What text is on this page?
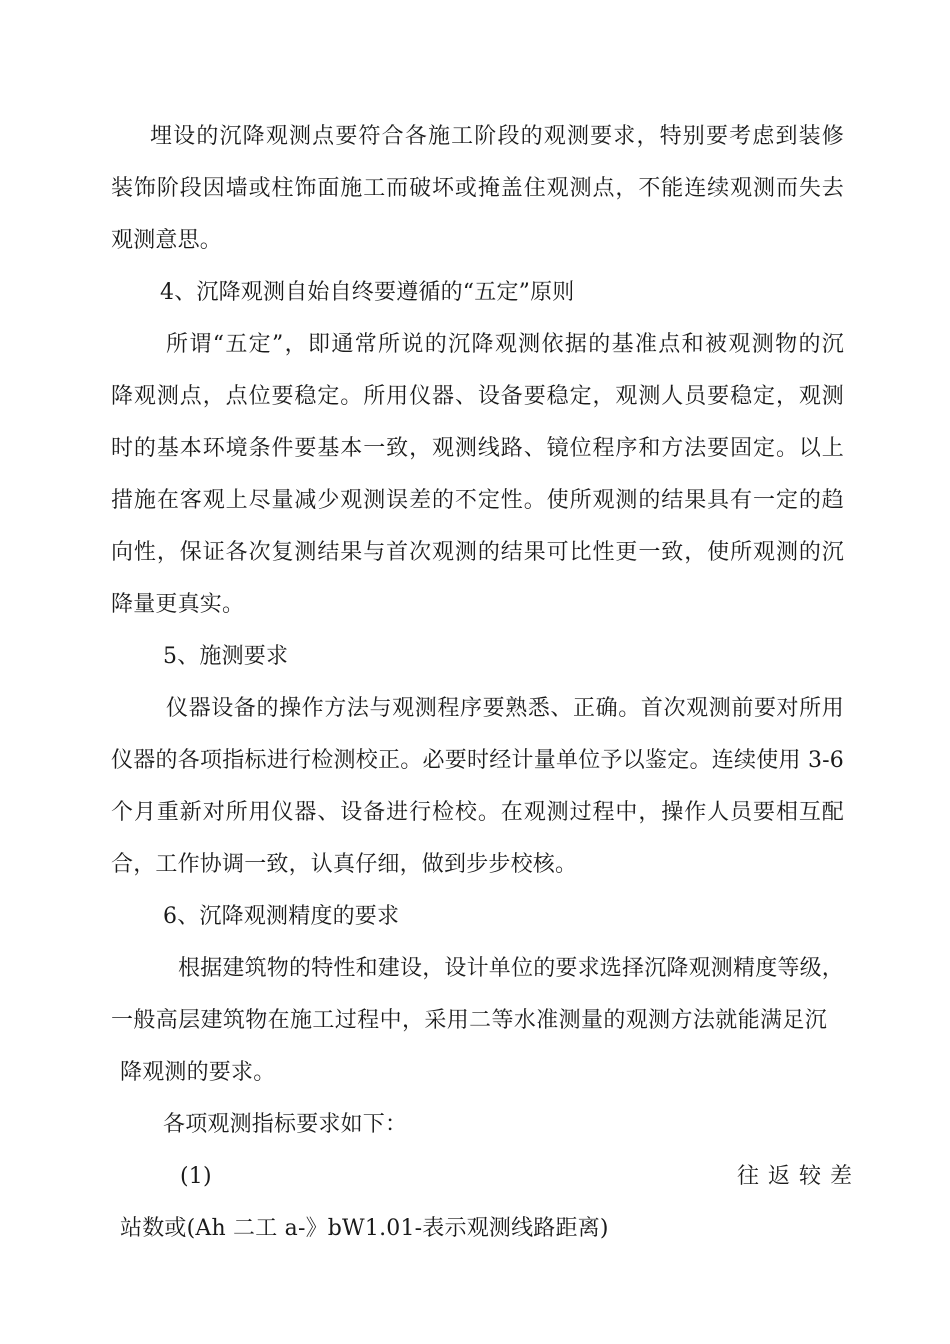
埋设的沉降观测点要符合各施工阶段的观测要求，特别要考虑到装修
装饰阶段因墙或柱饰面施工而破坏或掩盖住观测点，不能连续观测而失去
观测意思。
4、沉降观测自始自终要遵循的“五定”原则
所谓“五定”，即通常所说的沉降观测依据的基准点和被观测物的沉
降观测点，点位要稳定。所用仪器、设备要稳定，观测人员要稳定，观测
时的基本环境条件要基本一致，观测线路、镜位程序和方法要固定。以上
措施在客观上尽量减少观测误差的不定性。使所观测的结果具有一定的趋
向性，保证各次复测结果与首次观测的结果可比性更一致，使所观测的沉
降量更真实。
5、施测要求
仪器设备的操作方法与观测程序要熟悉、正确。首次观测前要对所用
仪器的各项指标进行检测校正。必要时经计量单位予以鉴定。连续使用 3-6
个月重新对所用仪器、设备进行检校。在观测过程中，操作人员要相互配
合，工作协调一致，认真仔细，做到步步校核。
6、沉降观测精度的要求
根据建筑物的特性和建设，设计单位的要求选择沉降观测精度等级，
一般高层建筑物在施工过程中，采用二等水准测量的观测方法就能满足沉
降观测的要求。
各项观测指标要求如下：
(1)	往 返 较 差
站数或(Ah 二工 a-》bW1.01-表示观测线路距离)
